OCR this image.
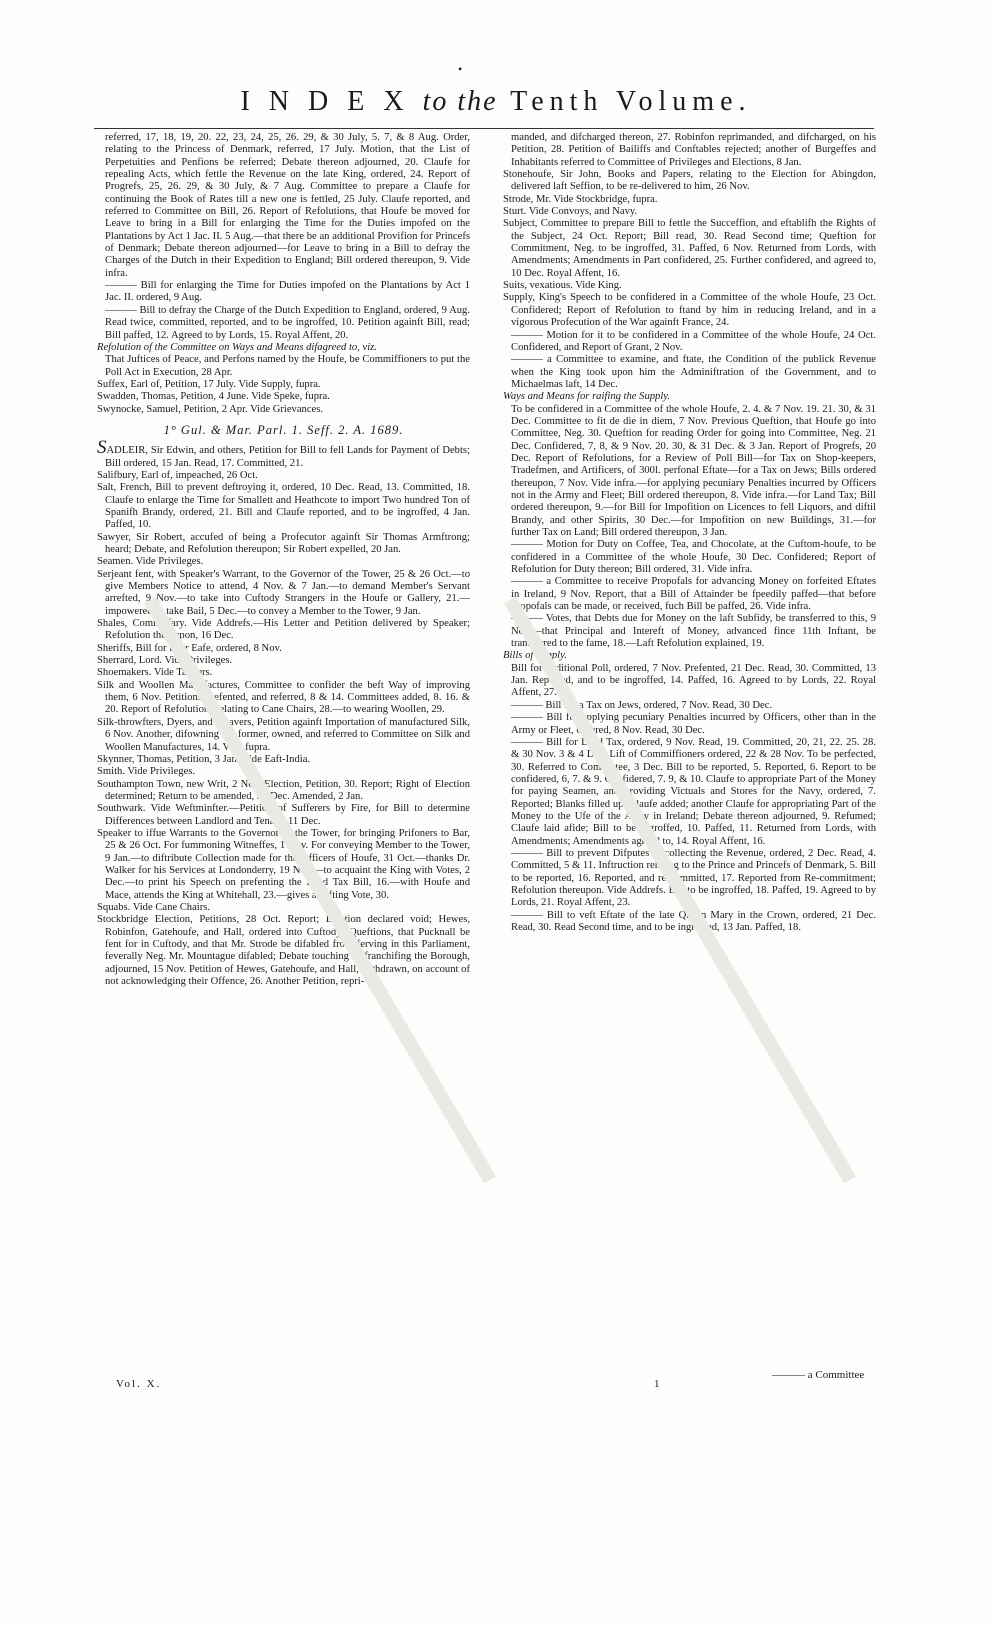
•
I N D E X to the Tenth Volume.

referred, 17, 18, 19, 20. 22, 23, 24, 25, 26. 29, & 30 July, 5. 7, & 8 Aug. Order, relating to the Princess of Denmark, referred, 17 July. Motion, that the List of Perpetuities and Penfions be referred; Debate thereon adjourned, 20. Claufe for repealing Acts, which fettle the Revenue on the late King, ordered, 24. Report of Progrefs, 25, 26. 29, & 30 July, & 7 Aug. Committee to prepare a Claufe for continuing the Book of Rates till a new one is fettled, 25 July. Claufe reported, and referred to Committee on Bill, 26. Report of Refolutions, that Houfe be moved for Leave to bring in a Bill for enlarging the Time for the Duties impofed on the Plantations by Act 1 Jac. II. 5 Aug.—that there be an additional Provifion for Princefs of Denmark; Debate thereon adjourned—for Leave to bring in a Bill to defray the Charges of the Dutch in their Expedition to England; Bill ordered thereupon, 9. Vide infra.

——— Bill for enlarging the Time for Duties impofed on the Plantations by Act 1 Jac. II. ordered, 9 Aug.

——— Bill to defray the Charge of the Dutch Expedition to England, ordered, 9 Aug. Read twice, committed, reported, and to be ingroffed, 10. Petition againft Bill, read; Bill paffed, 12. Agreed to by Lords, 15. Royal Affent, 20.

Refolution of the Committee on Ways and Means difagreed to, viz.

That Juftices of Peace, and Perfons named by the Houfe, be Commiffioners to put the Poll Act in Execution, 28 Apr.

Suffex, Earl of, Petition, 17 July. Vide Supply, fupra.

Swadden, Thomas, Petition, 4 June. Vide Speke, fupra.

Swynocke, Samuel, Petition, 2 Apr. Vide Grievances.

1° Gul. & Mar. Parl. 1. Seff. 2. A. 1689.

SADLEIR, Sir Edwin, and others, Petition for Bill to fell Lands for Payment of Debts; Bill ordered, 15 Jan. Read, 17. Committed, 21.

Salifbury, Earl of, impeached, 26 Oct.

Salt, French, Bill to prevent deftroying it, ordered, 10 Dec. Read, 13. Committed, 18. Claufe to enlarge the Time for Smallett and Heathcote to import Two hundred Ton of Spanifh Brandy, ordered, 21. Bill and Claufe reported, and to be ingroffed, 4 Jan. Paffed, 10.

Sawyer, Sir Robert, accufed of being a Profecutor againft Sir Thomas Armftrong; heard; Debate, and Refolution thereupon; Sir Robert expelled, 20 Jan.

Seamen. Vide Privileges.

Serjeant fent, with Speaker's Warrant, to the Governor of the Tower, 25 & 26 Oct.—to give Members Notice to attend, 4 Nov. & 7 Jan.—to demand Member's Servant arrefted, 9 Nov.—to take into Cuftody Strangers in the Houfe or Gallery, 21.—impowered to take Bail, 5 Dec.—to convey a Member to the Tower, 9 Jan.

Shales, Commiffary. Vide Addrefs.—His Letter and Petition delivered by Speaker; Refolution thereupon, 16 Dec.

Sheriffs, Bill for their Eafe, ordered, 8 Nov.

Sherrard, Lord. Vide Privileges.

Shoemakers. Vide Tanners.

Silk and Woollen Manufactures, Committee to confider the beft Way of improving them, 6 Nov. Petitions prefented, and referred, 8 & 14. Committees added, 8. 16. & 20. Report of Refolutions relating to Cane Chairs, 28.—to wearing Woollen, 29.

Silk-throwfters, Dyers, and Weavers, Petition againft Importation of manufactured Silk, 6 Nov. Another, difowning the former, owned, and referred to Committee on Silk and Woollen Manufactures, 14. Vide fupra.

Skynner, Thomas, Petition, 3 Jan. Vide Eaft-India.

Smith. Vide Privileges.

Southampton Town, new Writ, 2 Nov. Election, Petition, 30. Report; Right of Election determined; Return to be amended, 31 Dec. Amended, 2 Jan.

Southwark. Vide Weftminfter.—Petition of Sufferers by Fire, for Bill to determine Differences between Landlord and Tenant, 11 Dec.

Speaker to iffue Warrants to the Governor of the Tower, for bringing Prifoners to Bar, 25 & 26 Oct. For fummoning Witneffes, 1 Nov. For conveying Member to the Tower, 9 Jan.—to diftribute Collection made for the Officers of Houfe, 31 Oct.—thanks Dr. Walker for his Services at Londonderry, 19 Nov.—to acquaint the King with Votes, 2 Dec.—to print his Speech on prefenting the Land Tax Bill, 16.—with Houfe and Mace, attends the King at Whitehall, 23.—gives a cafting Vote, 30.

Squabs. Vide Cane Chairs.

Stockbridge Election, Petitions, 28 Oct. Report; Election declared void; Hewes, Robinfon, Gatehoufe, and Hall, ordered into Cuftody; Queftions, that Pucknall be fent for in Cuftody, and that Mr. Strode be difabled from ferving in this Parliament, feverally Neg. Mr. Mountague difabled; Debate touching disfranchifing the Borough, adjourned, 15 Nov. Petition of Hewes, Gatehoufe, and Hall, withdrawn, on account of not acknowledging their Offence, 26. Another Petition, repri-

manded, and difcharged thereon, 27. Robinfon reprimanded, and difcharged, on his Petition, 28. Petition of Bailiffs and Conftables rejected; another of Burgeffes and Inhabitants referred to Committee of Privileges and Elections, 8 Jan.

Stonehoufe, Sir John, Books and Papers, relating to the Election for Abingdon, delivered laft Seffion, to be re-delivered to him, 26 Nov.

Strode, Mr. Vide Stockbridge, fupra.

Sturt. Vide Convoys, and Navy.

Subject, Committee to prepare Bill to fettle the Succeffion, and eftablifh the Rights of the Subject, 24 Oct. Report; Bill read, 30. Read Second time; Queftion for Commitment, Neg. to be ingroffed, 31. Paffed, 6 Nov. Returned from Lords, with Amendments; Amendments in Part confidered, 25. Further confidered, and agreed to, 10 Dec. Royal Affent, 16.

Suits, vexatious. Vide King.

Supply, King's Speech to be confidered in a Committee of the whole Houfe, 23 Oct. Confidered; Report of Refolution to ftand by him in reducing Ireland, and in a vigorous Profecution of the War againft France, 24.

——— Motion for it to be confidered in a Committee of the whole Houfe, 24 Oct. Confidered, and Report of Grant, 2 Nov.

——— a Committee to examine, and ftate, the Condition of the publick Revenue when the King took upon him the Adminiftration of the Government, and to Michaelmas laft, 14 Dec.

Ways and Means for raifing the Supply.

To be confidered in a Committee of the whole Houfe, 2. 4. & 7 Nov. 19. 21. 30, & 31 Dec. Committee to fit de die in diem, 7 Nov. Previous Queftion, that Houfe go into Committee, Neg. 30. Queftion for reading Order for going into Committee, Neg. 21 Dec. Confidered, 7, 8, & 9 Nov. 20. 30, & 31 Dec. & 3 Jan. Report of Progrefs, 20 Dec. Report of Refolutions, for a Review of Poll Bill—for Tax on Shop-keepers, Tradefmen, and Artificers, of 300l. perfonal Eftate—for a Tax on Jews; Bills ordered thereupon, 7 Nov. Vide infra.—for applying pecuniary Penalties incurred by Officers not in the Army and Fleet; Bill ordered thereupon, 8. Vide infra.—for Land Tax; Bill ordered thereupon, 9.—for Bill for Impofition on Licences to fell Liquors, and diftil Brandy, and other Spirits, 30 Dec.—for Impofition on new Buildings, 31.—for further Tax on Land; Bill ordered thereupon, 3 Jan.

——— Motion for Duty on Coffee, Tea, and Chocolate, at the Cuftom-houfe, to be confidered in a Committee of the whole Houfe, 30 Dec. Confidered; Report of Refolution for Duty thereon; Bill ordered, 31. Vide infra.

——— a Committee to receive Propofals for advancing Money on forfeited Eftates in Ireland, 9 Nov. Report, that a Bill of Attainder be fpeedily paffed—that before Propofals can be made, or received, fuch Bill be paffed, 26. Vide infra.

——— Votes, that Debts due for Money on the laft Subfidy, be transferred to this, 9 Nov.—that Principal and Intereft of Money, advanced fince 11th Inftant, be transferred to the fame, 18.—Laft Refolution explained, 19.

Bills of Supply.

Bill for additional Poll, ordered, 7 Nov. Prefented, 21 Dec. Read, 30. Committed, 13 Jan. Reported, and to be ingroffed, 14. Paffed, 16. Agreed to by Lords, 22. Royal Affent, 27.

——— Bill for a Tax on Jews, ordered, 7 Nov. Read, 30 Dec.

——— Bill for applying pecuniary Penalties incurred by Officers, other than in the Army or Fleet, ordered, 8 Nov. Read, 30 Dec.

——— Bill for Land Tax, ordered, 9 Nov. Read, 19. Committed, 20, 21, 22. 25. 28. & 30 Nov. 3 & 4 Dec. Lift of Commiffioners ordered, 22 & 28 Nov. To be perfected, 30. Referred to Committee, 3 Dec. Bill to be reported, 5. Reported, 6. Report to be confidered, 6, 7. & 9. Confidered, 7. 9, & 10. Claufe to appropriate Part of the Money for paying Seamen, and providing Victuals and Stores for the Navy, ordered, 7. Reported; Blanks filled up; Claufe added; another Claufe for appropriating Part of the Money to the Ufe of the Army in Ireland; Debate thereon adjourned, 9. Refumed; Claufe laid afide; Bill to be ingroffed, 10. Paffed, 11. Returned from Lords, with Amendments; Amendments agreed to, 14. Royal Affent, 16.

——— Bill to prevent Difputes in collecting the Revenue, ordered, 2 Dec. Read, 4. Committed, 5 & 11. Inftruction relating to the Prince and Princefs of Denmark, 5. Bill to be reported, 16. Reported, and re-committed, 17. Reported from Re-commitment; Refolution thereupon. Vide Addrefs. Bill to be ingroffed, 18. Paffed, 19. Agreed to by Lords, 21. Royal Affent, 23.

——— Bill to veft Eftate of the late Queen Mary in the Crown, ordered, 21 Dec. Read, 30. Read Second time, and to be ingroffed, 13 Jan. Paffed, 18.

Vol. X.	1
——— a Committee
